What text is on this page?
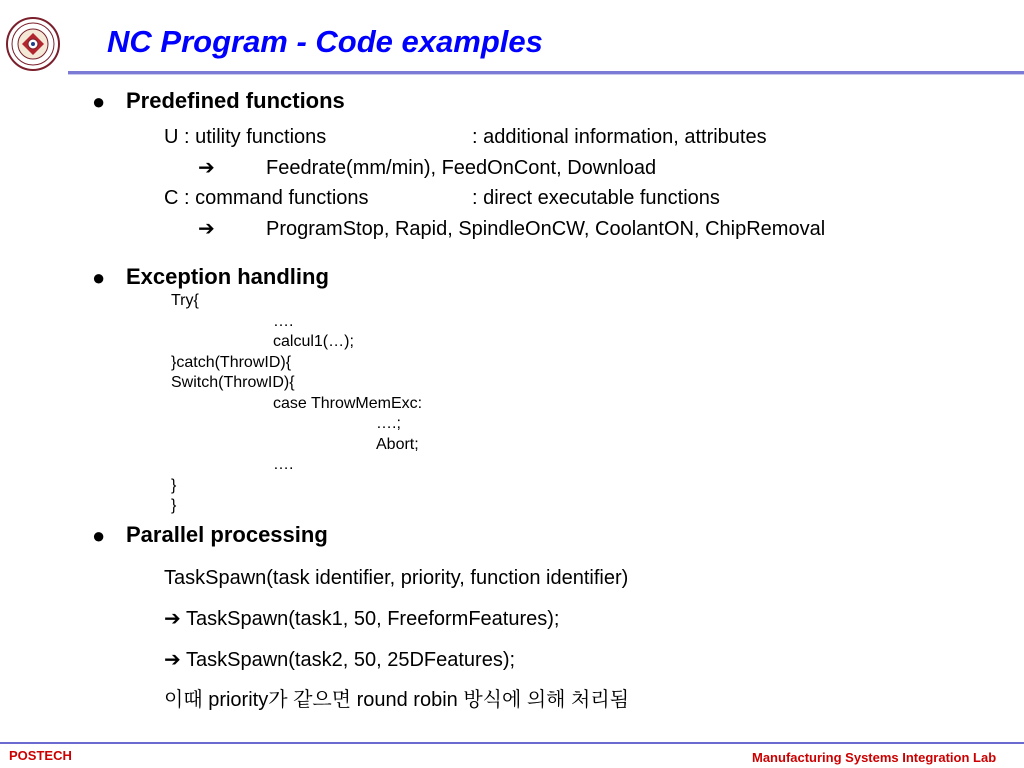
NC Program - Code examples
● Predefined functions
U : utility functions	: additional information, attributes
➔	Feedrate(mm/min), FeedOnCont, Download
C : command functions	: direct executable functions
➔	ProgramStop, Rapid, SpindleOnCW, CoolantON, ChipRemoval
● Exception handling
Try{
….
calcul1(…);
}catch(ThrowID){
Switch(ThrowID){
case ThrowMemExc:
….;
Abort;
….
}
}
● Parallel processing
TaskSpawn(task identifier, priority, function identifier)
➔ TaskSpawn(task1, 50, FreeformFeatures);
➔ TaskSpawn(task2, 50, 25DFeatures);
이때 priority가 같으면 round robin 방식에 의해 처리됨
POSTECH	Manufacturing Systems Integration Lab
